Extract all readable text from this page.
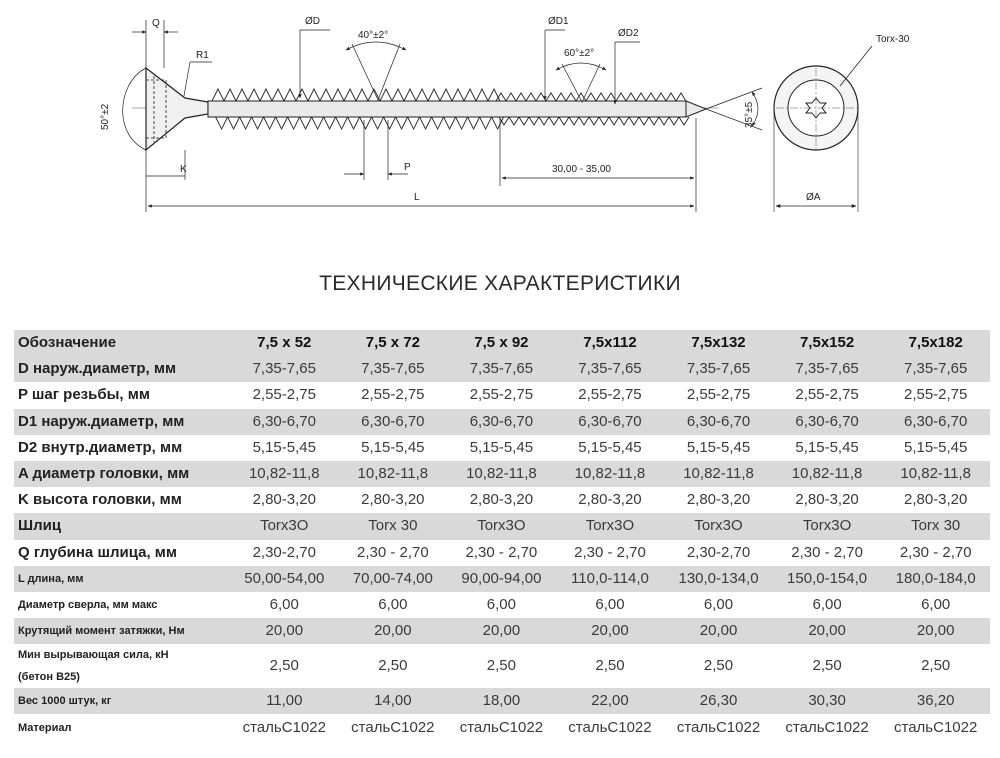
Q
R1
ØD
40°±2°
ØD1
60°±2°
ØD2
Torx-30
50°±2	35°±5
K	P	30,00 - 35,00
L	ØA
ТЕХНИЧЕСКИЕ ХАРАКТЕРИСТИКИ
Обозначение	7,5 x 52	7,5 x 72	7,5 x 92	7,5x112	7,5x132	7,5x152	7,5x182
D наруж.диаметр, мм	7,35-7,65	7,35-7,65	7,35-7,65	7,35-7,65	7,35-7,65	7,35-7,65	7,35-7,65
P шаг резьбы, мм	2,55-2,75	2,55-2,75	2,55-2,75	2,55-2,75	2,55-2,75	2,55-2,75	2,55-2,75
D1 наруж.диаметр, мм	6,30-6,70	6,30-6,70	6,30-6,70	6,30-6,70	6,30-6,70	6,30-6,70	6,30-6,70
D2 внутр.диаметр, мм	5,15-5,45	5,15-5,45	5,15-5,45	5,15-5,45	5,15-5,45	5,15-5,45	5,15-5,45
A диаметр головки, мм	10,82-11,8	10,82-11,8	10,82-11,8	10,82-11,8	10,82-11,8	10,82-11,8	10,82-11,8
K высота головки, мм	2,80-3,20	2,80-3,20	2,80-3,20	2,80-3,20	2,80-3,20	2,80-3,20	2,80-3,20
Шлиц	Torx3O	Torx 30	Torx3O	Torx3O	Torx3O	Torx3O	Torx 30
Q глубина шлица, мм	2,30-2,70	2,30 - 2,70	2,30 - 2,70	2,30 - 2,70	2,30-2,70	2,30 - 2,70	2,30 - 2,70
L длина, мм	50,00-54,00	70,00-74,00	90,00-94,00	110,0-114,0	130,0-134,0	150,0-154,0	180,0-184,0
Диаметр сверла, мм макс	6,00	6,00	6,00	6,00	6,00	6,00	6,00
Крутящий момент затяжки, Нм	20,00	20,00	20,00	20,00	20,00	20,00	20,00

Мин вырывающая сила, кН
(бетон B25)	2,50	2,50	2,50	2,50	2,50	2,50	2,50
Вес 1000 штук, кг	11,00	14,00	18,00	22,00	26,30	30,30	36,20
Материал	стальC1022	стальC1022	стальC1022	стальC1022	стальC1022	стальC1022	стальC1022
